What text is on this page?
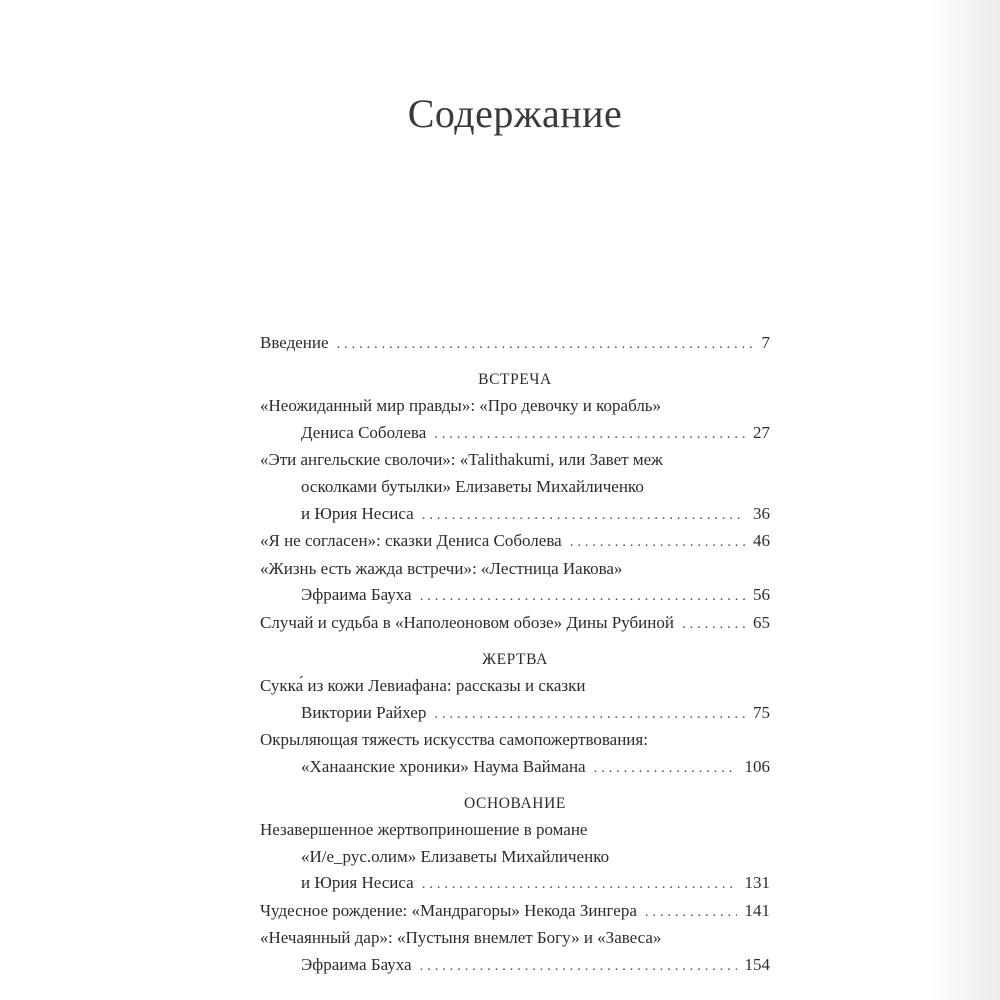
Содержание
Введение . . .	7
ВСТРЕЧА
«Неожиданный мир правды»: «Про девочку и корабль»
Дениса Соболева . . .	27
«Эти ангельские сволочи»: «Talithakumi, или Завет меж
осколками бутылки» Елизаветы Михайличенко
и Юрия Несиса . . .	36
«Я не согласен»: сказки Дениса Соболева . . .	46
«Жизнь есть жажда встречи»: «Лестница Иакова»
Эфраима Бауха . . .	56
Случай и судьба в «Наполеоновом обозе» Дины Рубиной . . .	65
ЖЕРТВА
Сукка́ из кожи Левиафана: рассказы и сказки
Виктории Райхер . . .	75
Окрыляющая тяжесть искусства самопожертвования:
«Ханаанские хроники» Наума Ваймана . . .	106
ОСНОВАНИЕ
Незавершенное жертвоприношение в романе
«И/е_рус.олим» Елизаветы Михайличенко
и Юрия Несиса . . .	131
Чудесное рождение: «Мандрагоры» Некода Зингера . . .	141
«Нечаянный дар»: «Пустыня внемлет Богу» и «Завеса»
Эфраима Бауха . . .	154
